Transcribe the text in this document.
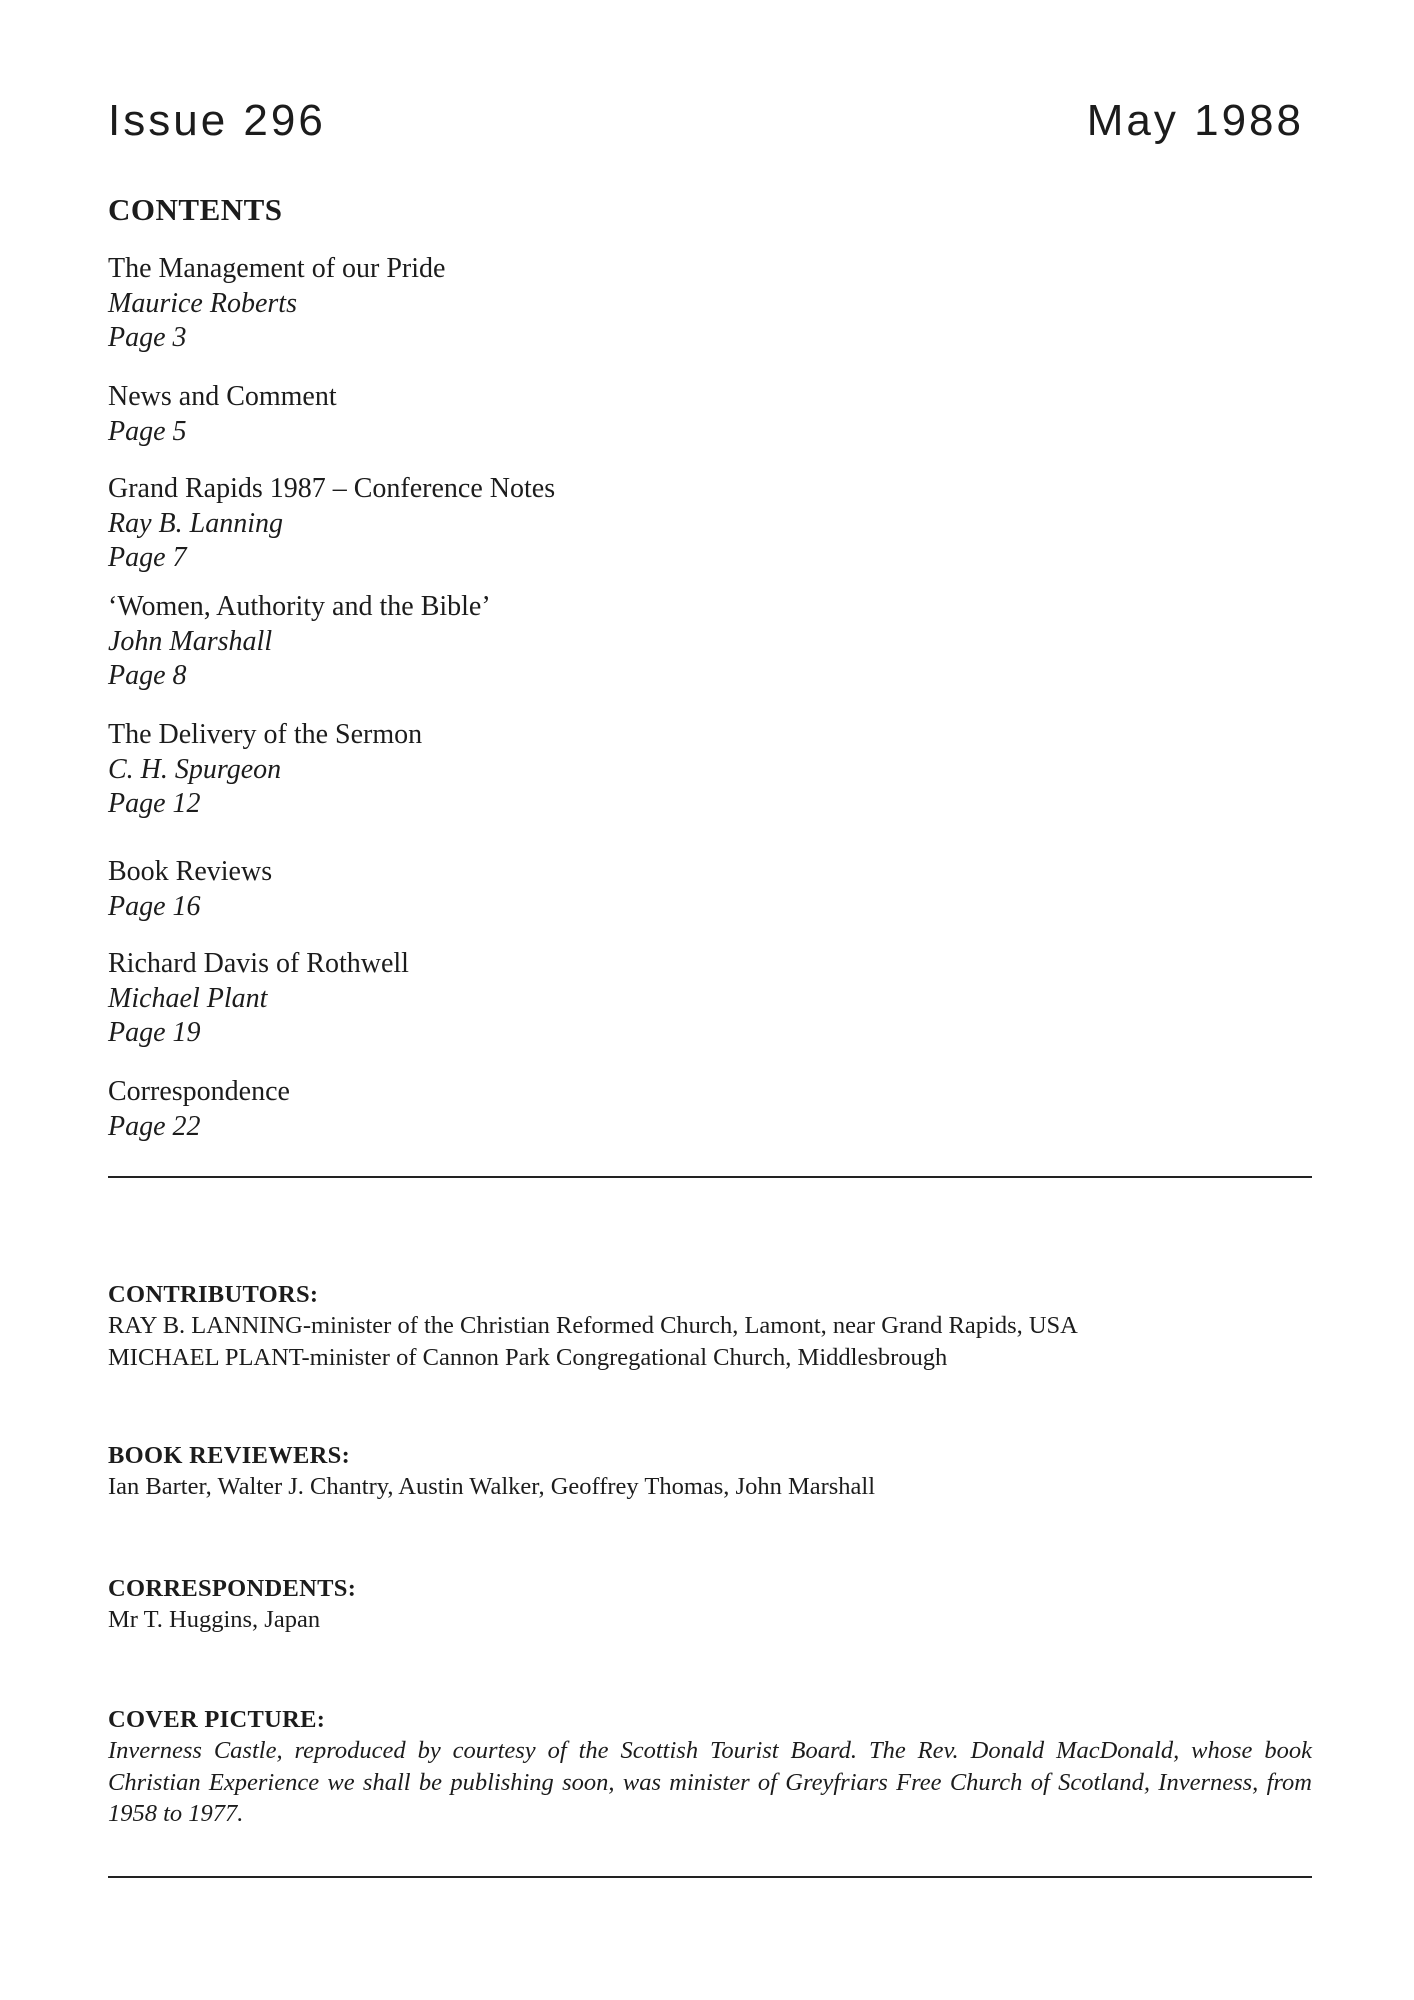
Issue 296	May 1988
CONTENTS
The Management of our Pride
Maurice Roberts
Page 3
News and Comment
Page 5
Grand Rapids 1987 – Conference Notes
Ray B. Lanning
Page 7
‘Women, Authority and the Bible’
John Marshall
Page 8
The Delivery of the Sermon
C. H. Spurgeon
Page 12
Book Reviews
Page 16
Richard Davis of Rothwell
Michael Plant
Page 19
Correspondence
Page 22
CONTRIBUTORS:
RAY B. LANNING-minister of the Christian Reformed Church, Lamont, near Grand Rapids, USA
MICHAEL PLANT-minister of Cannon Park Congregational Church, Middlesbrough
BOOK REVIEWERS:
Ian Barter, Walter J. Chantry, Austin Walker, Geoffrey Thomas, John Marshall
CORRESPONDENTS:
Mr T. Huggins, Japan
COVER PICTURE:
Inverness Castle, reproduced by courtesy of the Scottish Tourist Board. The Rev. Donald MacDonald, whose book Christian Experience we shall be publishing soon, was minister of Greyfriars Free Church of Scotland, Inverness, from 1958 to 1977.
